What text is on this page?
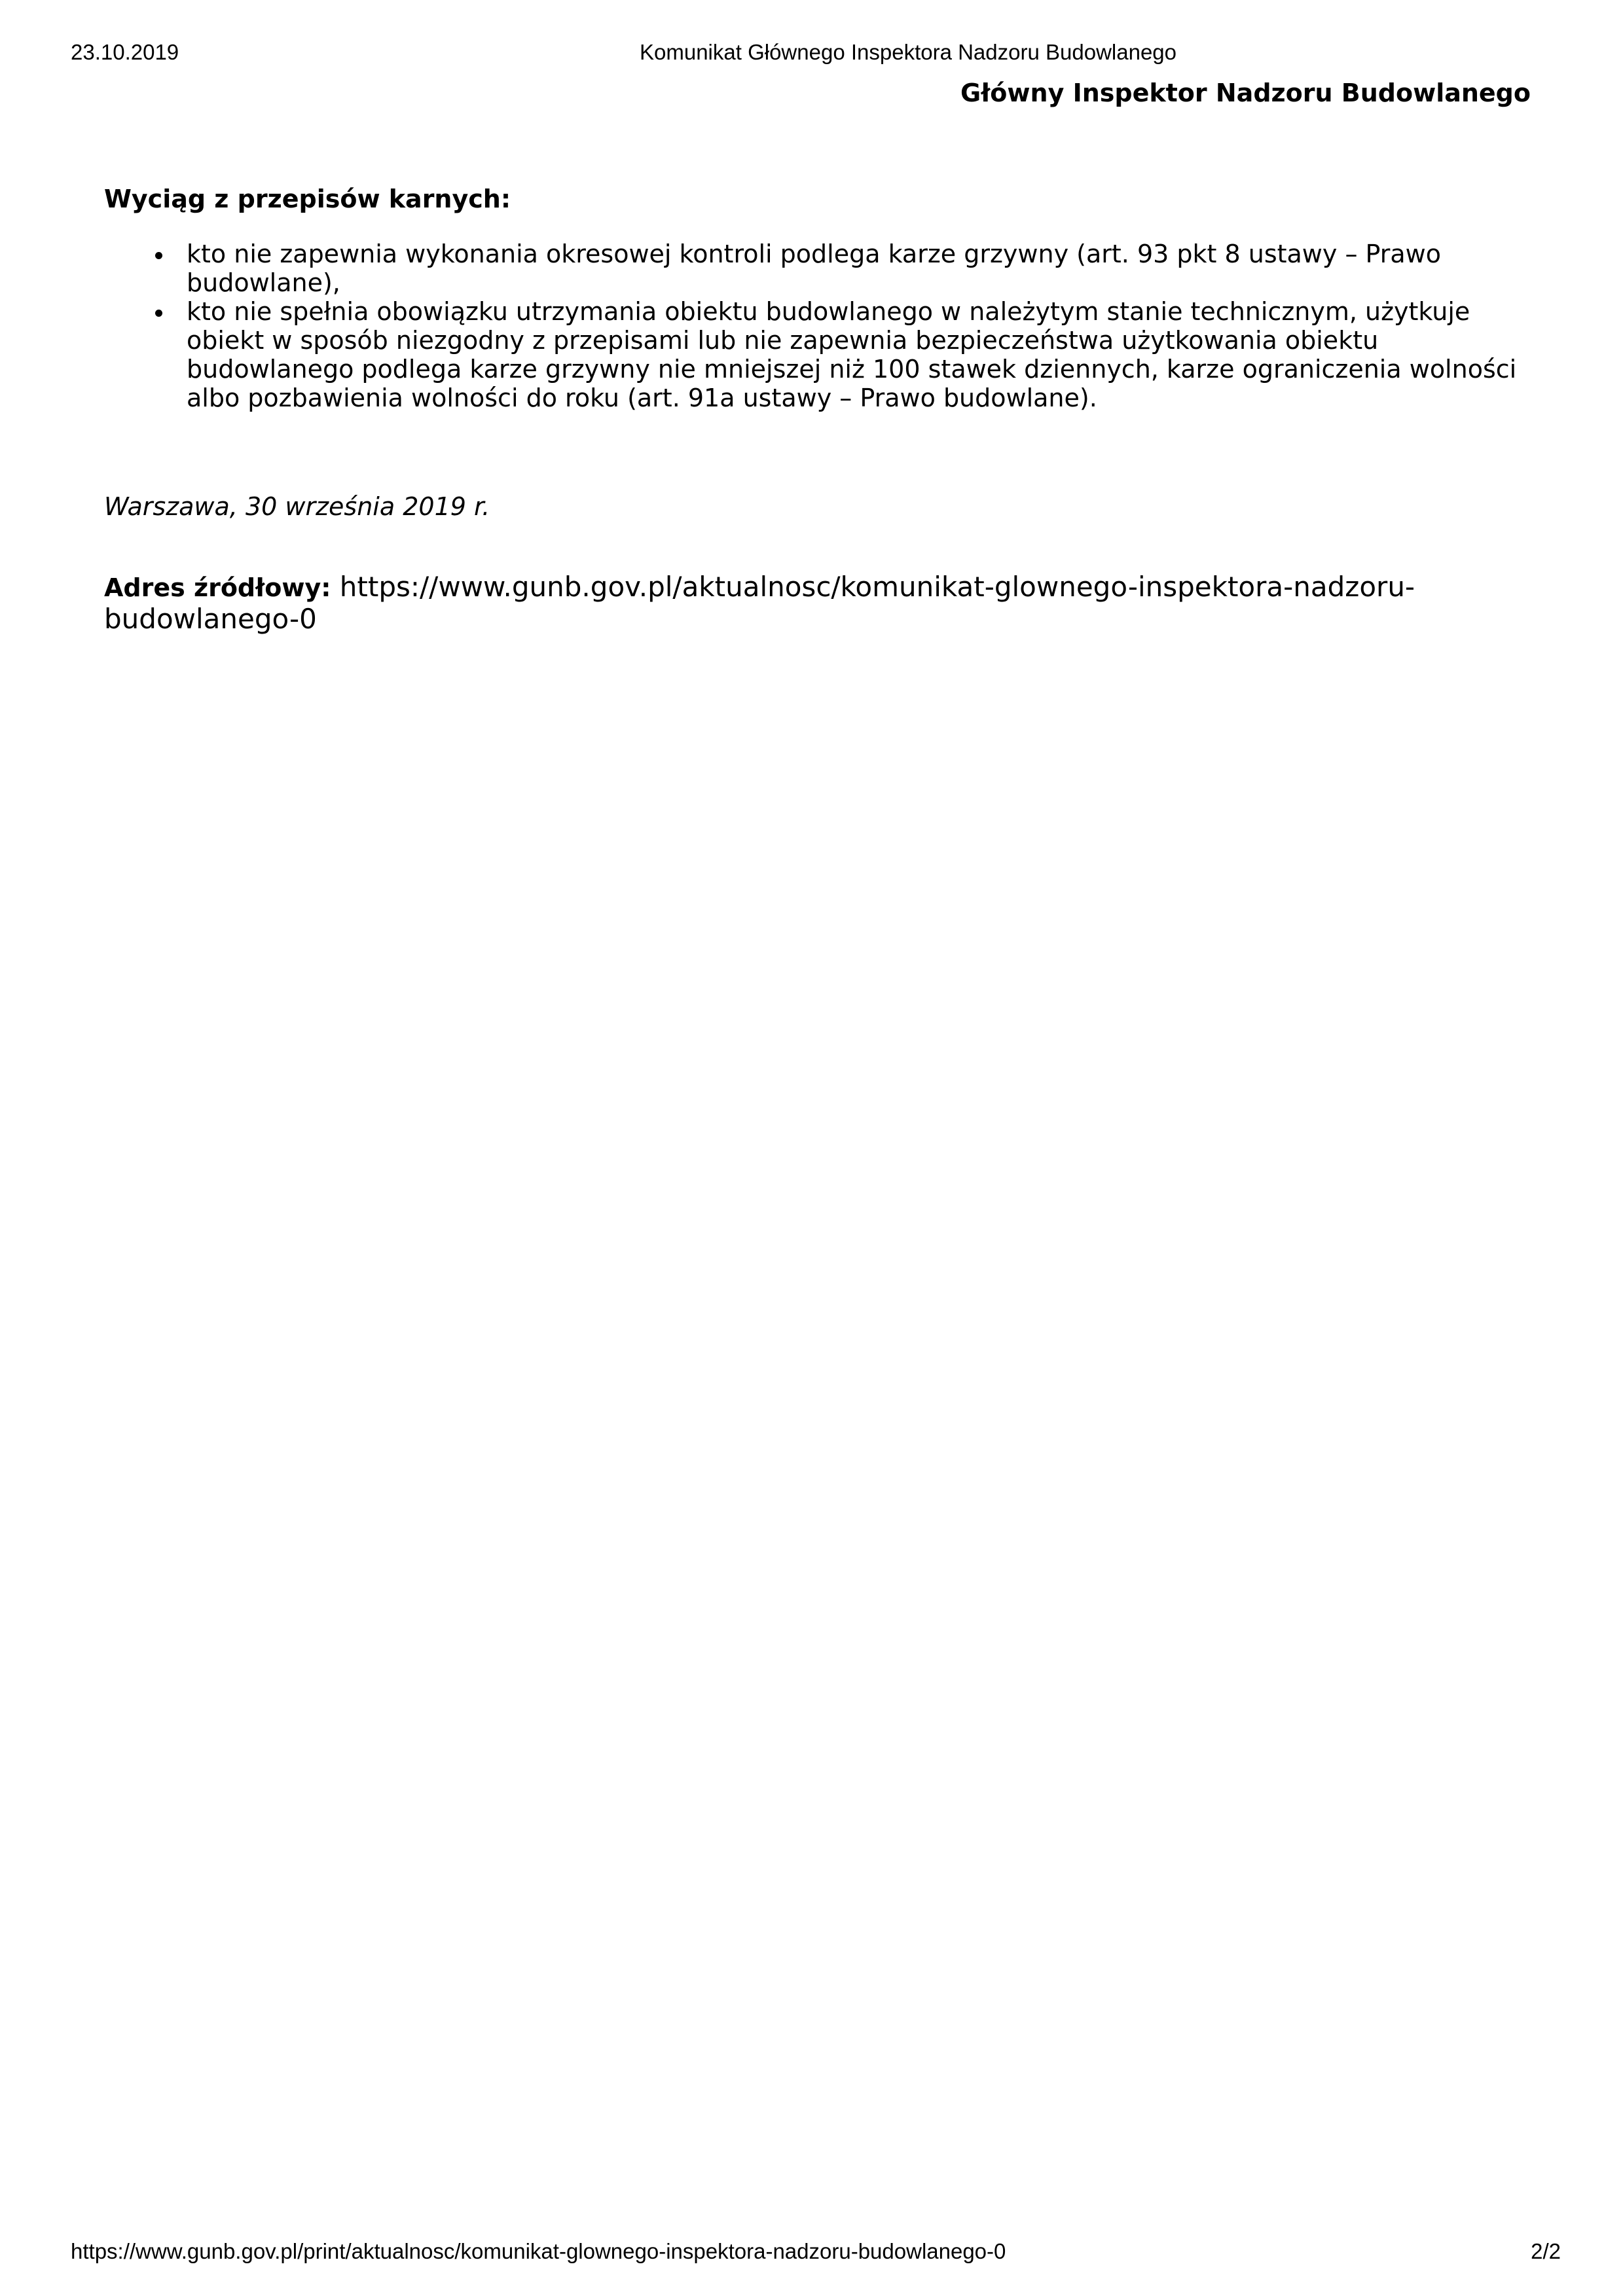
23.10.2019	Komunikat Głównego Inspektora Nadzoru Budowlanego
Główny Inspektor Nadzoru Budowlanego

Wyciąg z przepisów karnych:

kto nie zapewnia wykonania okresowej kontroli podlega karze grzywny (art. 93 pkt 8 ustawy – Prawo budowlane),
kto nie spełnia obowiązku utrzymania obiektu budowlanego w należytym stanie technicznym, użytkuje obiekt w sposób niezgodny z przepisami lub nie zapewnia bezpieczeństwa użytkowania obiektu budowlanego podlega karze grzywny nie mniejszej niż 100 stawek dziennych, karze ograniczenia wolności albo pozbawienia wolności do roku (art. 91a ustawy – Prawo budowlane).

Warszawa, 30 września 2019 r.

Adres źródłowy: https://www.gunb.gov.pl/aktualnosc/komunikat-glownego-inspektora-nadzoru-budowlanego-0

https://www.gunb.gov.pl/print/aktualnosc/komunikat-glownego-inspektora-nadzoru-budowlanego-0	2/2
